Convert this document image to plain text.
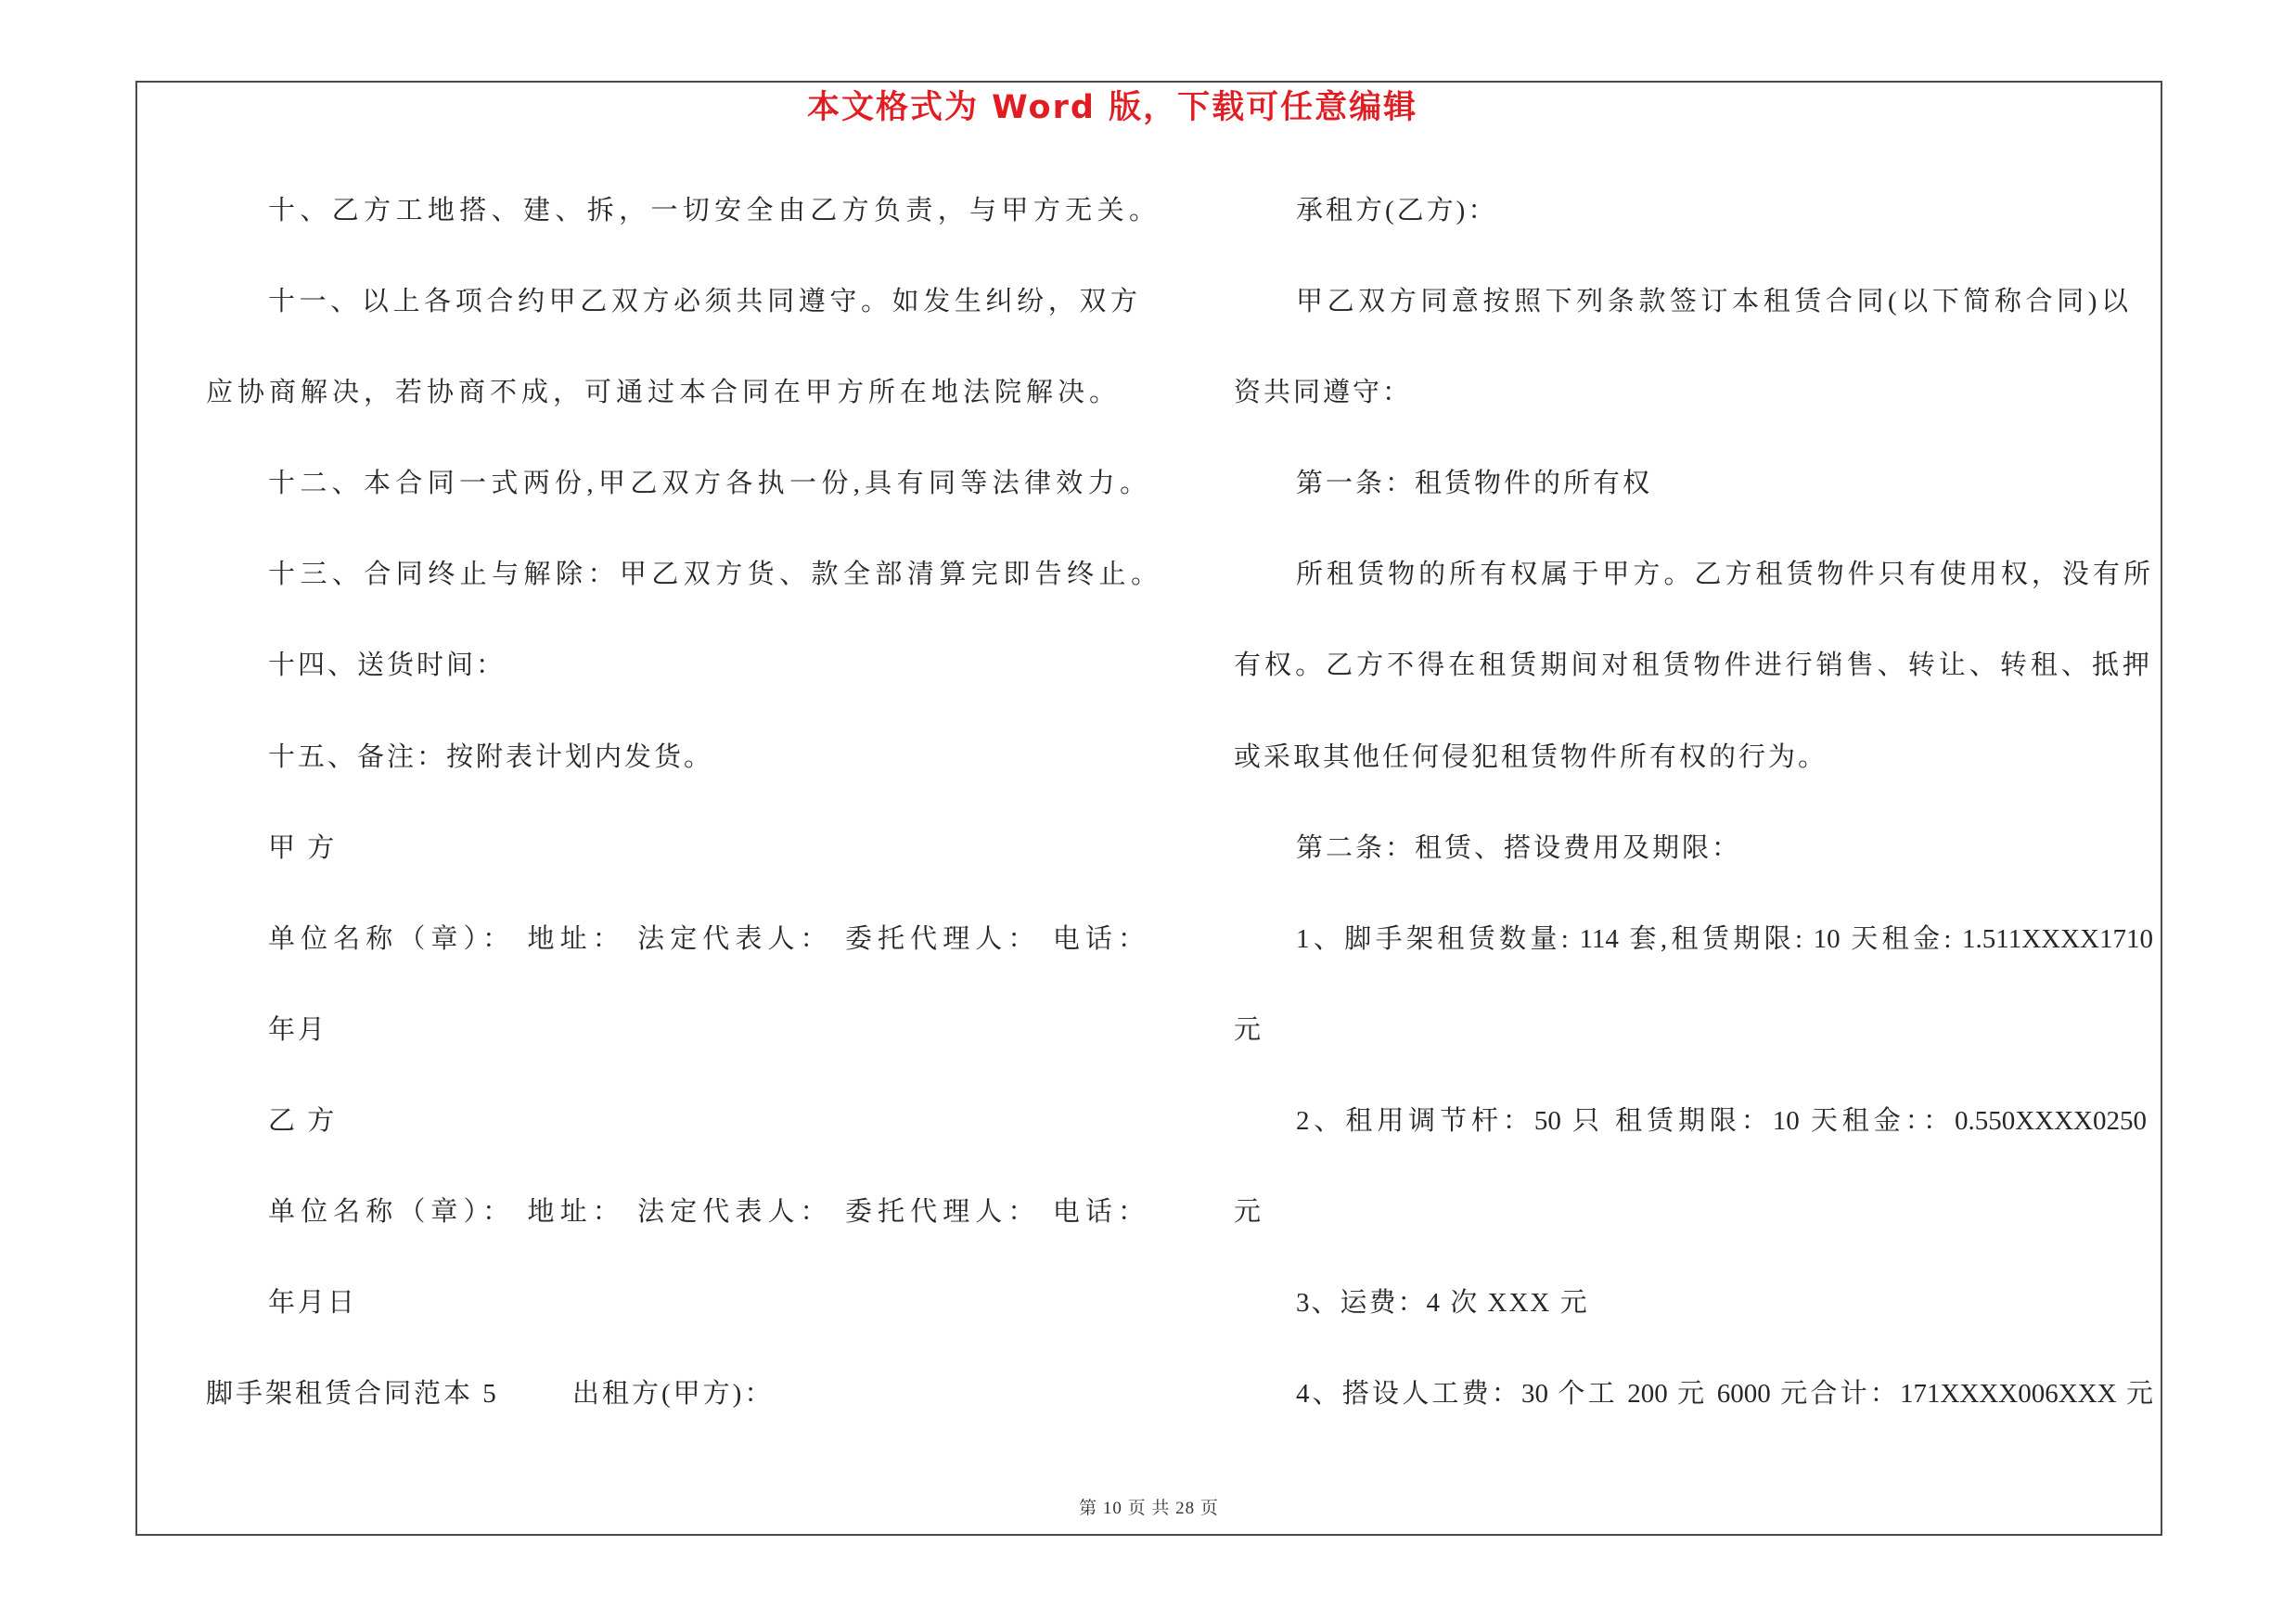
本文格式为 Word 版，下载可任意编辑
十、乙方工地搭、建、拆，一切安全由乙方负责，与甲方无关。
十一、以上各项合约甲乙双方必须共同遵守。如发生纠纷，双方
应协商解决，若协商不成，可通过本合同在甲方所在地法院解决。
十二、本合同一式两份,甲乙双方各执一份,具有同等法律效力。
十三、合同终止与解除：甲乙双方货、款全部清算完即告终止。
十四、送货时间：
十五、备注：按附表计划内发货。
甲 方
单位名称（章）： 地址： 法定代表人： 委托代理人： 电话：
年月
乙 方
单位名称（章）： 地址： 法定代表人： 委托代理人： 电话：
年月日
脚手架租赁合同范本 5	出租方(甲方)：
承租方(乙方)：
甲乙双方同意按照下列条款签订本租赁合同(以下简称合同)以
资共同遵守：
第一条：租赁物件的所有权
所租赁物的所有权属于甲方。乙方租赁物件只有使用权，没有所
有权。乙方不得在租赁期间对租赁物件进行销售、转让、转租、抵押
或采取其他任何侵犯租赁物件所有权的行为。
第二条：租赁、搭设费用及期限：
1、脚手架租赁数量: 114 套,租赁期限: 10 天租金: 1.511XXXX1710
元
2、租用调节杆：50 只 租赁期限：10 天租金：：0.550XXXX0250
元
3、运费：4 次 XXX 元
4、搭设人工费：30 个工 200 元 6000 元合计：171XXXX006XXX 元
第 10 页 共 28 页
